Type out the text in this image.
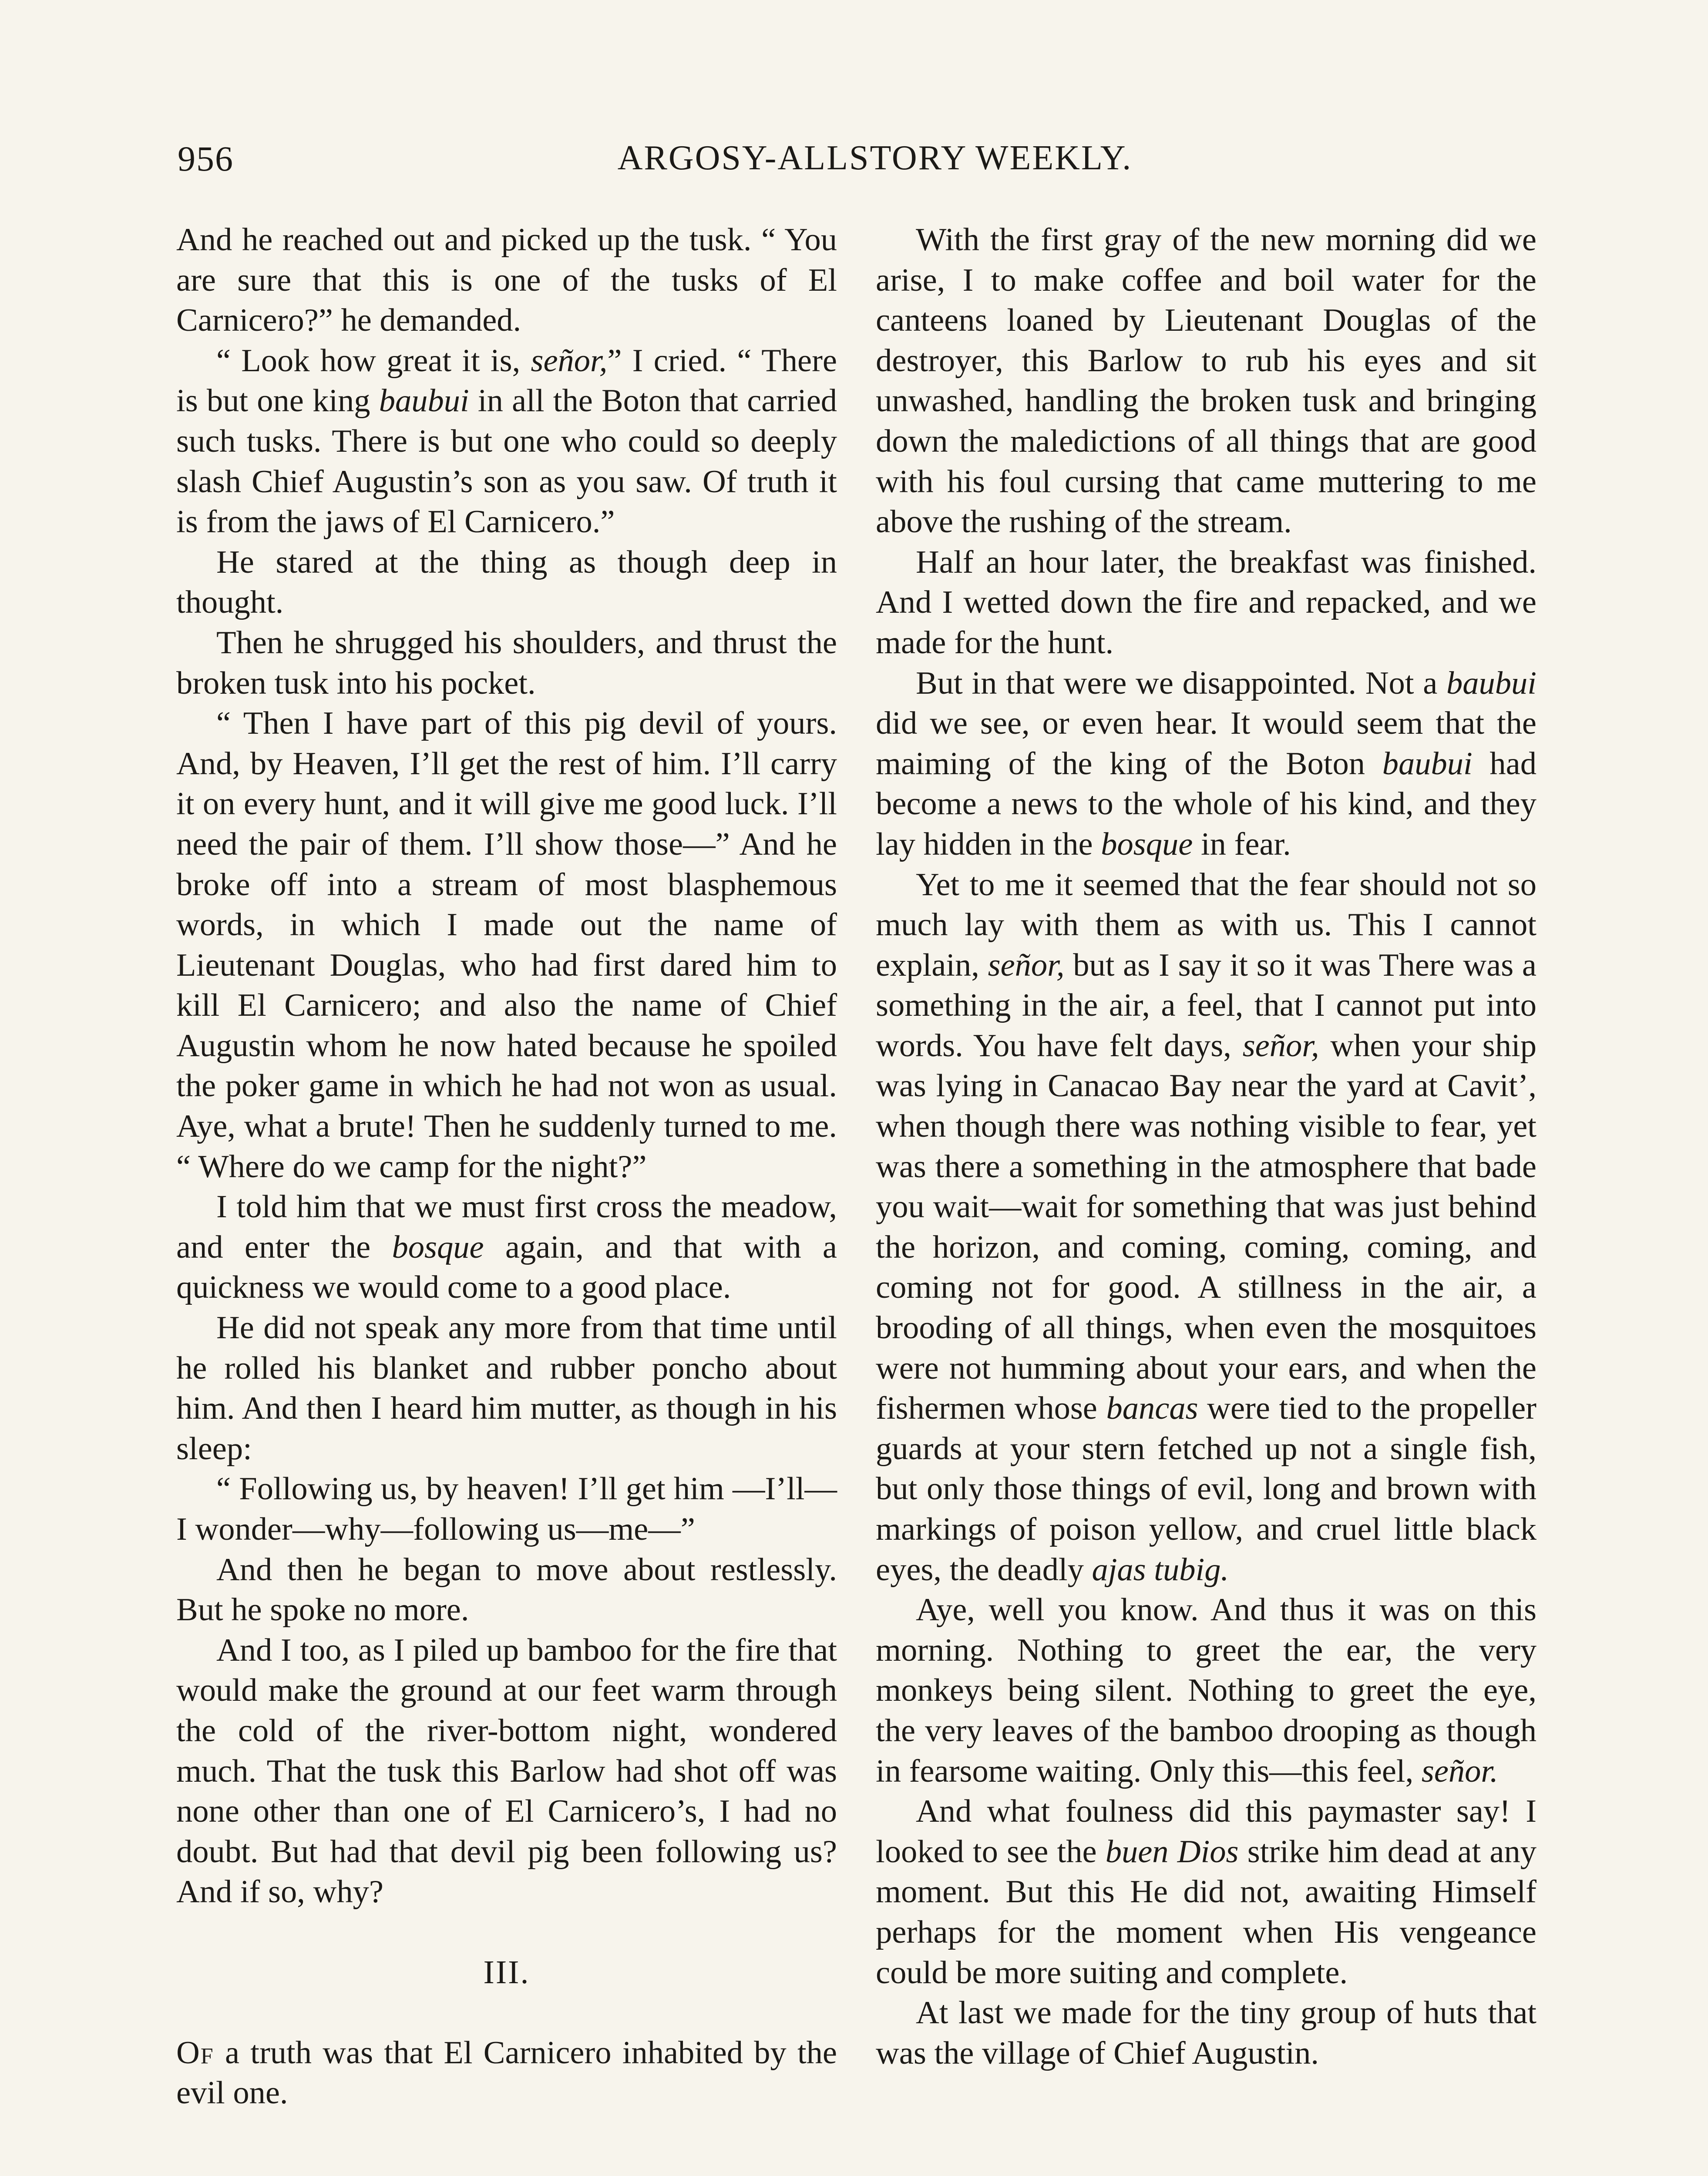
956	ARGOSY-ALLSTORY WEEKLY.

And he reached out and picked up the tusk. “ You are sure that this is one of the tusks of El Carnicero?” he demanded.

“ Look how great it is, señor,” I cried. “ There is but one king baubui in all the Boton that carried such tusks. There is but one who could so deeply slash Chief Augustin’s son as you saw. Of truth it is from the jaws of El Carnicero.”

He stared at the thing as though deep in thought.

Then he shrugged his shoulders, and thrust the broken tusk into his pocket.

“ Then I have part of this pig devil of yours. And, by Heaven, I’ll get the rest of him. I’ll carry it on every hunt, and it will give me good luck. I’ll need the pair of them. I’ll show those—” And he broke off into a stream of most blasphemous words, in which I made out the name of Lieutenant Douglas, who had first dared him to kill El Carnicero; and also the name of Chief Augustin whom he now hated because he spoiled the poker game in which he had not won as usual. Aye, what a brute! Then he suddenly turned to me. “ Where do we camp for the night?”

I told him that we must first cross the meadow, and enter the bosque again, and that with a quickness we would come to a good place.

He did not speak any more from that time until he rolled his blanket and rubber poncho about him. And then I heard him mutter, as though in his sleep:

“ Following us, by heaven! I’ll get him —I’ll— I wonder—why—following us—me—”

And then he began to move about restlessly. But he spoke no more.

And I too, as I piled up bamboo for the fire that would make the ground at our feet warm through the cold of the river-bottom night, wondered much. That the tusk this Barlow had shot off was none other than one of El Carnicero’s, I had no doubt. But had that devil pig been following us? And if so, why?

III.

Of a truth was that El Carnicero inhabited by the evil one.

With the first gray of the new morning did we arise, I to make coffee and boil water for the canteens loaned by Lieutenant Douglas of the destroyer, this Barlow to rub his eyes and sit unwashed, handling the broken tusk and bringing down the maledictions of all things that are good with his foul cursing that came muttering to me above the rushing of the stream.

Half an hour later, the breakfast was finished. And I wetted down the fire and repacked, and we made for the hunt.

But in that were we disappointed. Not a baubui did we see, or even hear. It would seem that the maiming of the king of the Boton baubui had become a news to the whole of his kind, and they lay hidden in the bosque in fear.

Yet to me it seemed that the fear should not so much lay with them as with us. This I cannot explain, señor, but as I say it so it was There was a something in the air, a feel, that I cannot put into words. You have felt days, señor, when your ship was lying in Canacao Bay near the yard at Cavit’, when though there was nothing visible to fear, yet was there a something in the atmosphere that bade you wait—wait for something that was just behind the horizon, and coming, coming, coming, and coming not for good. A stillness in the air, a brooding of all things, when even the mosquitoes were not humming about your ears, and when the fishermen whose bancas were tied to the propeller guards at your stern fetched up not a single fish, but only those things of evil, long and brown with markings of poison yellow, and cruel little black eyes, the deadly ajas tubig.

Aye, well you know. And thus it was on this morning. Nothing to greet the ear, the very monkeys being silent. Nothing to greet the eye, the very leaves of the bamboo drooping as though in fearsome waiting. Only this—this feel, señor.

And what foulness did this paymaster say! I looked to see the buen Dios strike him dead at any moment. But this He did not, awaiting Himself perhaps for the moment when His vengeance could be more suiting and complete.

At last we made for the tiny group of huts that was the village of Chief Augustin.
